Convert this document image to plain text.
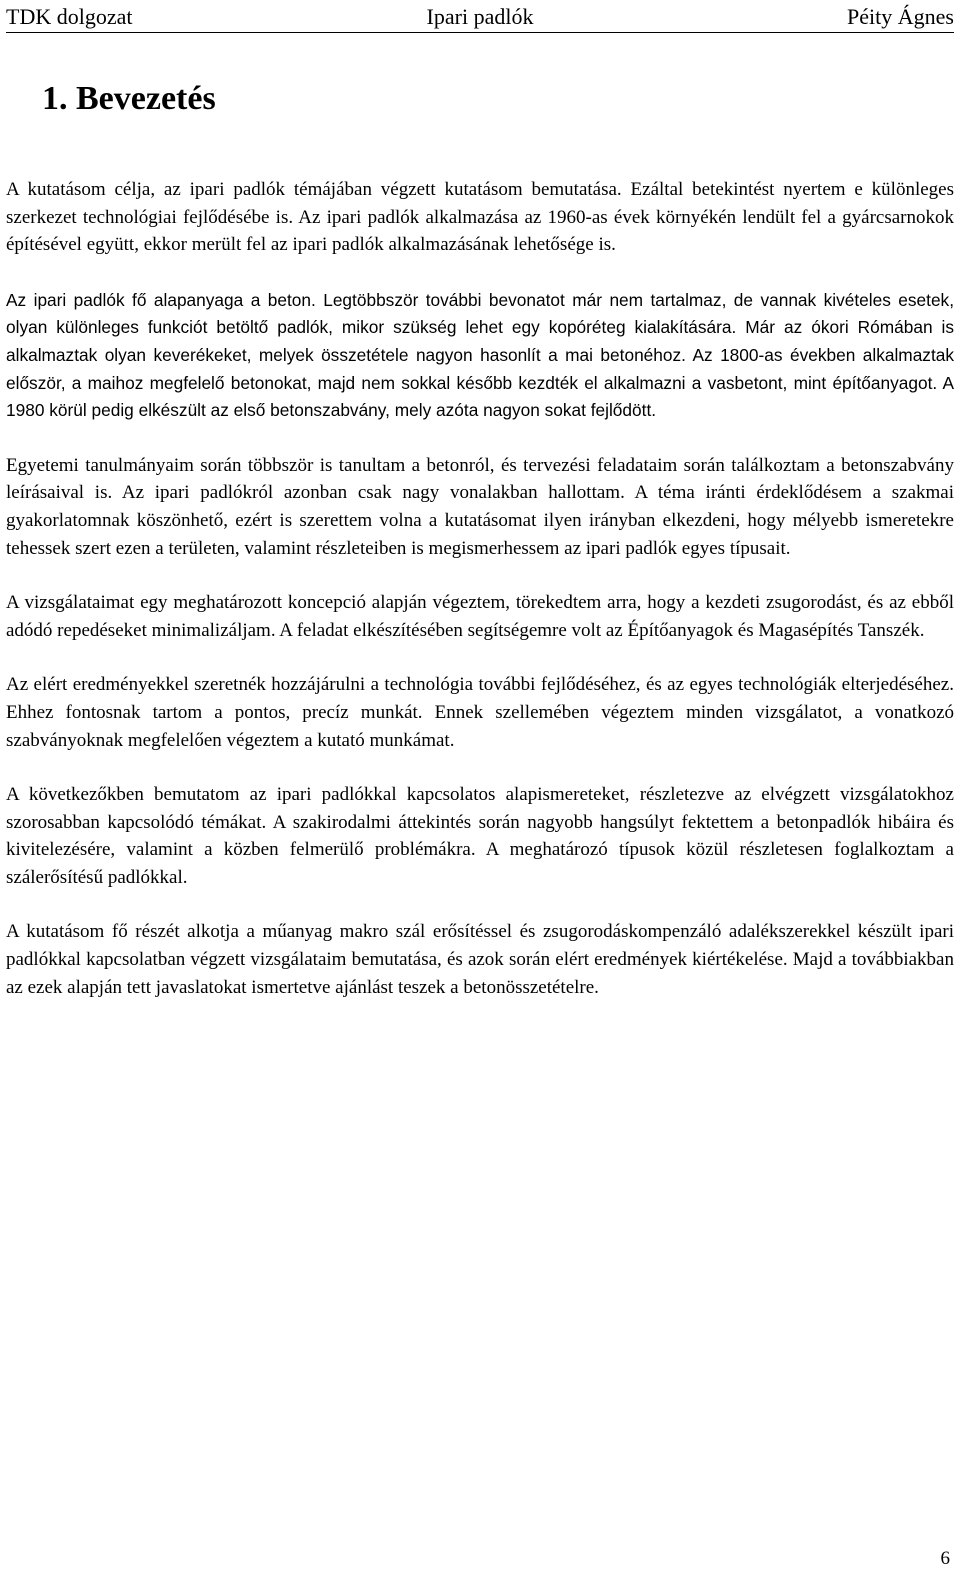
TDK dolgozat	Ipari padlók	Péity Ágnes
1. Bevezetés

A kutatásom célja, az ipari padlók témájában végzett kutatásom bemutatása. Ezáltal betekintést nyertem e különleges szerkezet technológiai fejlődésébe is. Az ipari padlók alkalmazása az 1960-as évek környékén lendült fel a gyárcsarnokok építésével együtt, ekkor merült fel az ipari padlók alkalmazásának lehetősége is.

Az ipari padlók fő alapanyaga a beton. Legtöbbször további bevonatot már nem tartalmaz, de vannak kivételes esetek, olyan különleges funkciót betöltő padlók, mikor szükség lehet egy kopóréteg kialakítására. Már az ókori Rómában is alkalmaztak olyan keverékeket, melyek összetétele nagyon hasonlít a mai betonéhoz. Az 1800-as években alkalmaztak először, a maihoz megfelelő betonokat, majd nem sokkal később kezdték el alkalmazni a vasbetont, mint építőanyagot. A 1980 körül pedig elkészült az első betonszabvány, mely azóta nagyon sokat fejlődött.

Egyetemi tanulmányaim során többször is tanultam a betonról, és tervezési feladataim során találkoztam a betonszabvány leírásaival is. Az ipari padlókról azonban csak nagy vonalakban hallottam. A téma iránti érdeklődésem a szakmai gyakorlatomnak köszönhető, ezért is szerettem volna a kutatásomat ilyen irányban elkezdeni, hogy mélyebb ismeretekre tehessek szert ezen a területen, valamint részleteiben is megismerhessem az ipari padlók egyes típusait.

A vizsgálataimat egy meghatározott koncepció alapján végeztem, törekedtem arra, hogy a kezdeti zsugorodást, és az ebből adódó repedéseket minimalizáljam. A feladat elkészítésében segítségemre volt az Építőanyagok és Magasépítés Tanszék.

Az elért eredményekkel szeretnék hozzájárulni a technológia további fejlődéséhez, és az egyes technológiák elterjedéséhez. Ehhez fontosnak tartom a pontos, precíz munkát. Ennek szellemében végeztem minden vizsgálatot, a vonatkozó szabványoknak megfelelően végeztem a kutató munkámat.

A következőkben bemutatom az ipari padlókkal kapcsolatos alapismereteket, részletezve az elvégzett vizsgálatokhoz szorosabban kapcsolódó témákat. A szakirodalmi áttekintés során nagyobb hangsúlyt fektettem a betonpadlók hibáira és kivitelezésére, valamint a közben felmerülő problémákra. A meghatározó típusok közül részletesen foglalkoztam a szálerősítésű padlókkal.

A kutatásom fő részét alkotja a műanyag makro szál erősítéssel és zsugorodáskompenzáló adalékszerekkel készült ipari padlókkal kapcsolatban végzett vizsgálataim bemutatása, és azok során elért eredmények kiértékelése. Majd a továbbiakban az ezek alapján tett javaslatokat ismertetve ajánlást teszek a betonösszetételre.

6
